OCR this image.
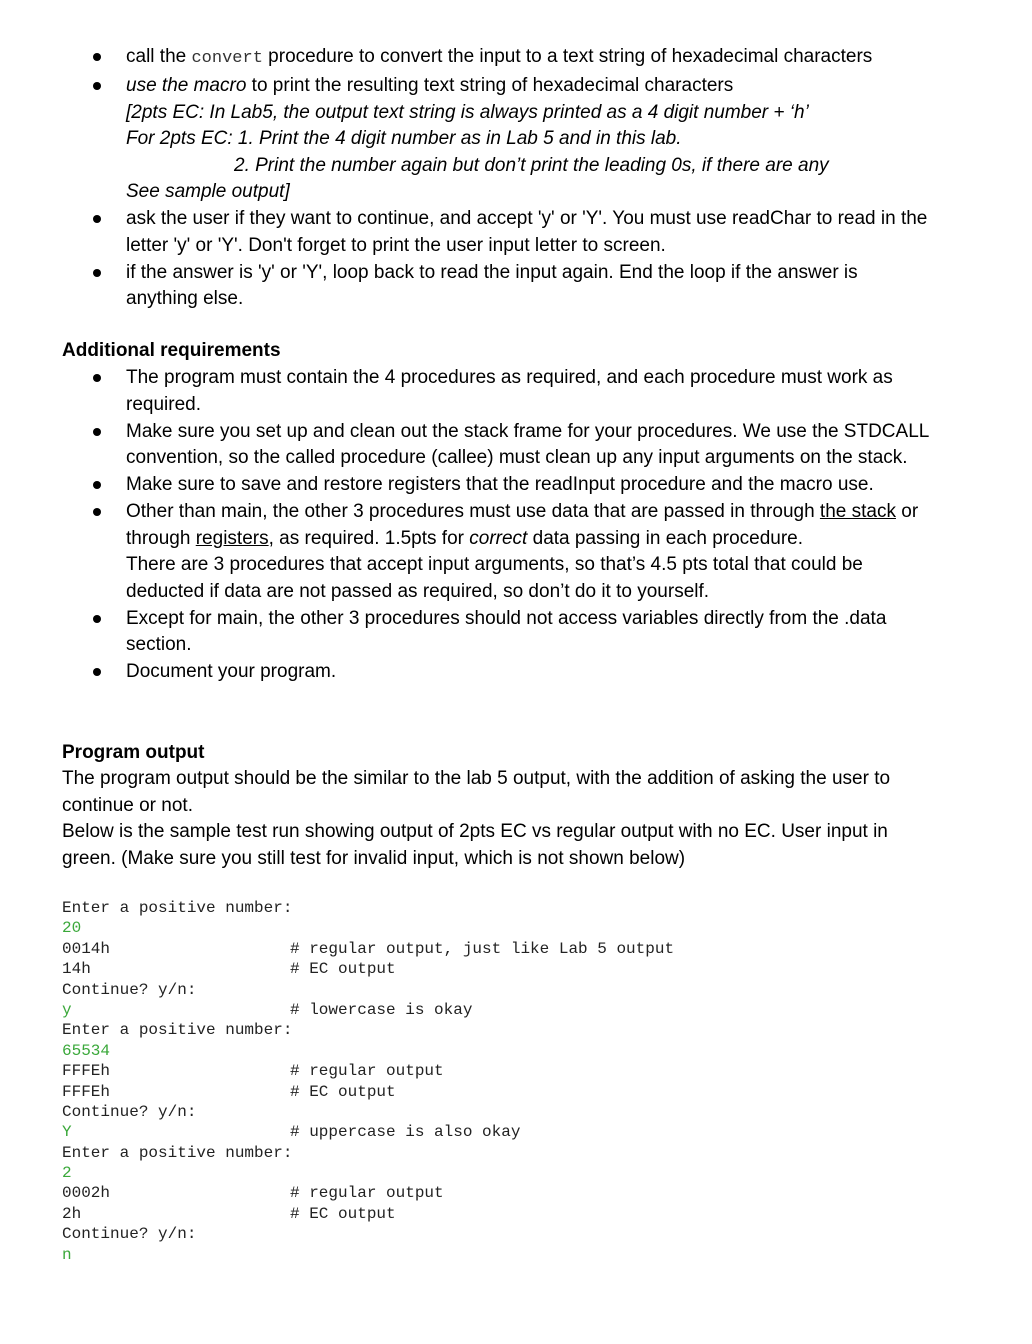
call the convert procedure to convert the input to a text string of hexadecimal characters
use the macro to print the resulting text string of hexadecimal characters
[2pts EC: In Lab5, the output text string is always printed as a 4 digit number + ‘h’
For 2pts EC: 1. Print the 4 digit number as in Lab 5 and in this lab.
2. Print the number again but don’t print the leading 0s, if there are any
See sample output]
ask the user if they want to continue, and accept 'y' or 'Y'. You must use readChar to read in the
letter 'y' or 'Y'. Don't forget to print the user input letter to screen.
if the answer is 'y' or 'Y', loop back to read the input again. End the loop if the answer is
anything else.
Additional requirements
The program must contain the 4 procedures as required, and each procedure must work as
required.
Make sure you set up and clean out the stack frame for your procedures. We use the STDCALL
convention, so the called procedure (callee) must clean up any input arguments on the stack.
Make sure to save and restore registers that the readInput procedure and the macro use.
Other than main, the other 3 procedures must use data that are passed in through the stack or
through registers, as required. 1.5pts for correct data passing in each procedure.
There are 3 procedures that accept input arguments, so that’s 4.5 pts total that could be
deducted if data are not passed as required, so don’t do it to yourself.
Except for main, the other 3 procedures should not access variables directly from the .data
section.
Document your program.
Program output
The program output should be the similar to the lab 5 output, with the addition of asking the user to
continue or not.
Below is the sample test run showing output of 2pts EC vs regular output with no EC. User input in
green. (Make sure you still test for invalid input, which is not shown below)
Enter a positive number:
20
0014h	# regular output, just like Lab 5 output
14h	# EC output
Continue? y/n:
y	# lowercase is okay
Enter a positive number:
65534
FFFEh	# regular output
FFFEh	# EC output
Continue? y/n:
Y	# uppercase is also okay
Enter a positive number:
2
0002h	# regular output
2h	# EC output
Continue? y/n:
n
